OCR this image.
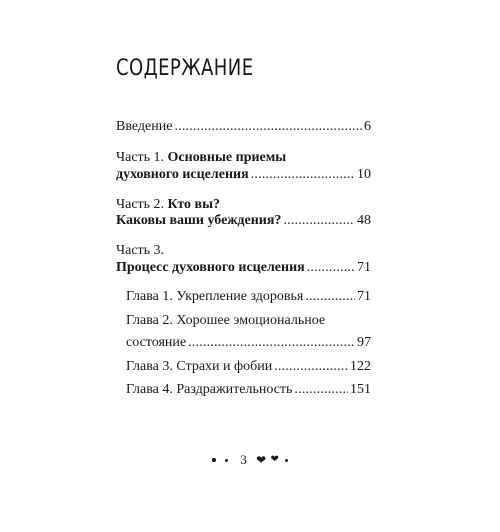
СОДЕРЖАНИЕ
Введение .....	6
Часть 1. Основные приемы
духовного исцеления .....	10
Часть 2. Кто вы?
Каковы ваши убеждения? .....	48
Часть 3.
Процесс духовного исцеления .....	71
Глава 1. Укрепление здоровья .....	71
Глава 2. Хорошее эмоциональное
состояние .....	97
Глава 3. Страхи и фобии .....	122
Глава 4. Раздражительность .....	151
3 ❤ ❤
